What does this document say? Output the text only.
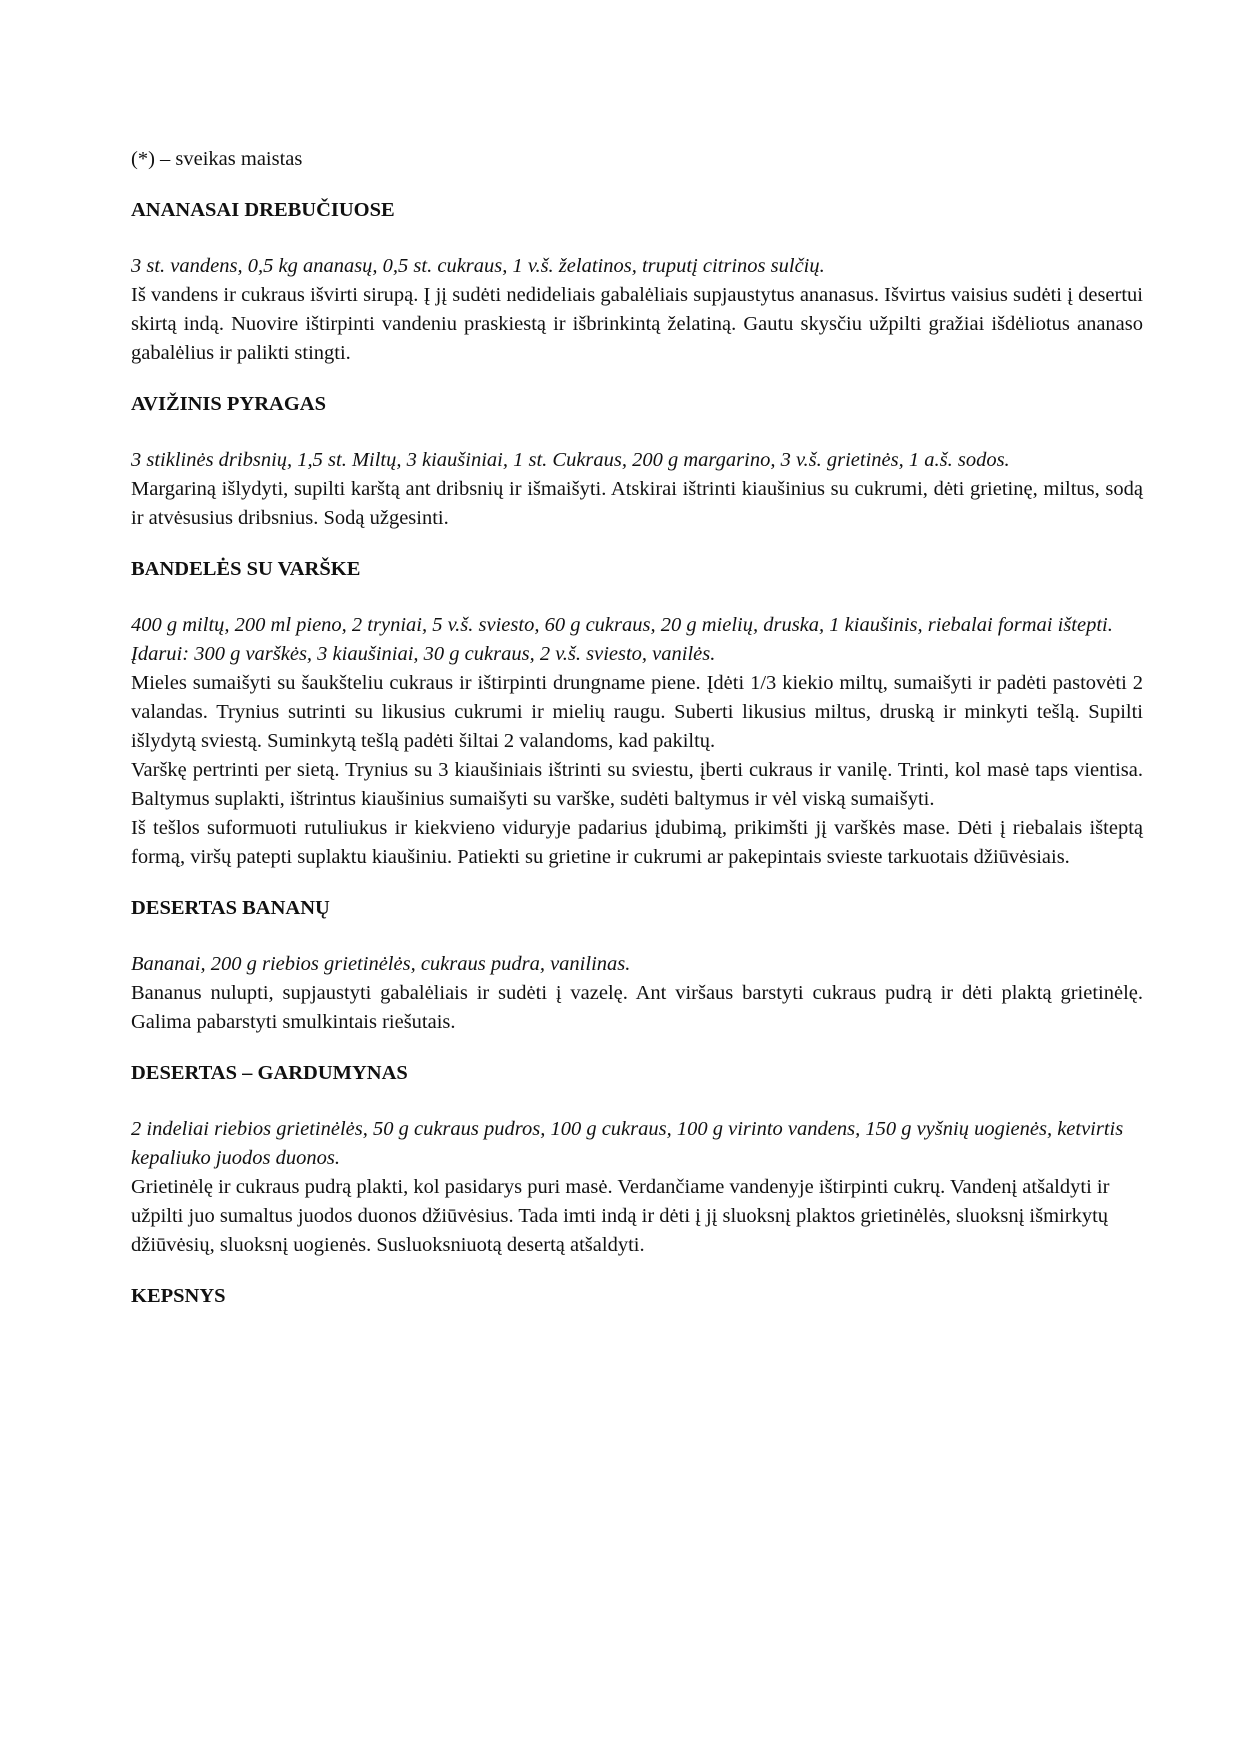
(*) – sveikas maistas

ANANASAI DREBUČIUOSE

3 st. vandens, 0,5 kg ananasų, 0,5 st. cukraus, 1 v.š. želatinos, truputį citrinos sulčių.

Iš vandens ir cukraus išvirti sirupą. Į jį sudėti nedideliais gabalėliais supjaustytus ananasus. Išvirtus vaisius sudėti į desertui skirtą indą. Nuovire ištirpinti vandeniu praskiestą ir išbrinkintą želatiną. Gautu skysčiu užpilti gražiai išdėliotus ananaso gabalėlius ir palikti stingti.

AVIŽINIS PYRAGAS

3 stiklinės dribsnių, 1,5 st. Miltų, 3 kiaušiniai, 1 st. Cukraus, 200 g margarino, 3 v.š. grietinės, 1 a.š. sodos.

Margariną išlydyti, supilti karštą ant dribsnių ir išmaišyti. Atskirai ištrinti kiaušinius su cukrumi, dėti grietinę, miltus, sodą ir atvėsusius dribsnius. Sodą užgesinti.

BANDELĖS SU VARŠKE

400 g miltų, 200 ml pieno, 2 tryniai, 5 v.š. sviesto, 60 g cukraus, 20 g mielių, druska, 1 kiaušinis, riebalai formai ištepti.

Įdarui: 300 g varškės, 3 kiaušiniai, 30 g cukraus, 2 v.š. sviesto, vanilės.

Mieles sumaišyti su šaukšteliu cukraus ir ištirpinti drungname piene. Įdėti 1/3 kiekio miltų, sumaišyti ir padėti pastovėti 2 valandas. Trynius sutrinti su likusius cukrumi ir mielių raugu. Suberti likusius miltus, druską ir minkyti tešlą. Supilti išlydytą sviestą. Suminkytą tešlą padėti šiltai 2 valandoms, kad pakiltų.

Varškę pertrinti per sietą. Trynius su 3 kiaušiniais ištrinti su sviestu, įberti cukraus ir vanilę. Trinti, kol masė taps vientisa. Baltymus suplakti, ištrintus kiaušinius sumaišyti su varške, sudėti baltymus ir vėl viską sumaišyti.

Iš tešlos suformuoti rutuliukus ir kiekvieno viduryje padarius įdubimą, prikimšti jį varškės mase. Dėti į riebalais išteptą formą, viršų patepti suplaktu kiaušiniu. Patiekti su grietine ir cukrumi ar pakepintais svieste tarkuotais džiūvėsiais.

DESERTAS BANANŲ

Bananai, 200 g riebios grietinėlės, cukraus pudra, vanilinas.

Bananus nulupti, supjaustyti gabalėliais ir sudėti į vazelę. Ant viršaus barstyti cukraus pudrą ir dėti plaktą grietinėlę. Galima pabarstyti smulkintais riešutais.

DESERTAS – GARDUMYNAS

2 indeliai riebios grietinėlės, 50 g cukraus pudros, 100 g cukraus, 100 g virinto vandens, 150 g vyšnių uogienės, ketvirtis kepaliuko juodos duonos.

Grietinėlę ir cukraus pudrą plakti, kol pasidarys puri masė. Verdančiame vandenyje ištirpinti cukrų. Vandenį atšaldyti ir užpilti juo sumaltus juodos duonos džiūvėsius. Tada imti indą ir dėti į jį sluoksnį plaktos grietinėlės, sluoksnį išmirkytų džiūvėsių, sluoksnį uogienės. Susluoksniuotą desertą atšaldyti.

KEPSNYS
